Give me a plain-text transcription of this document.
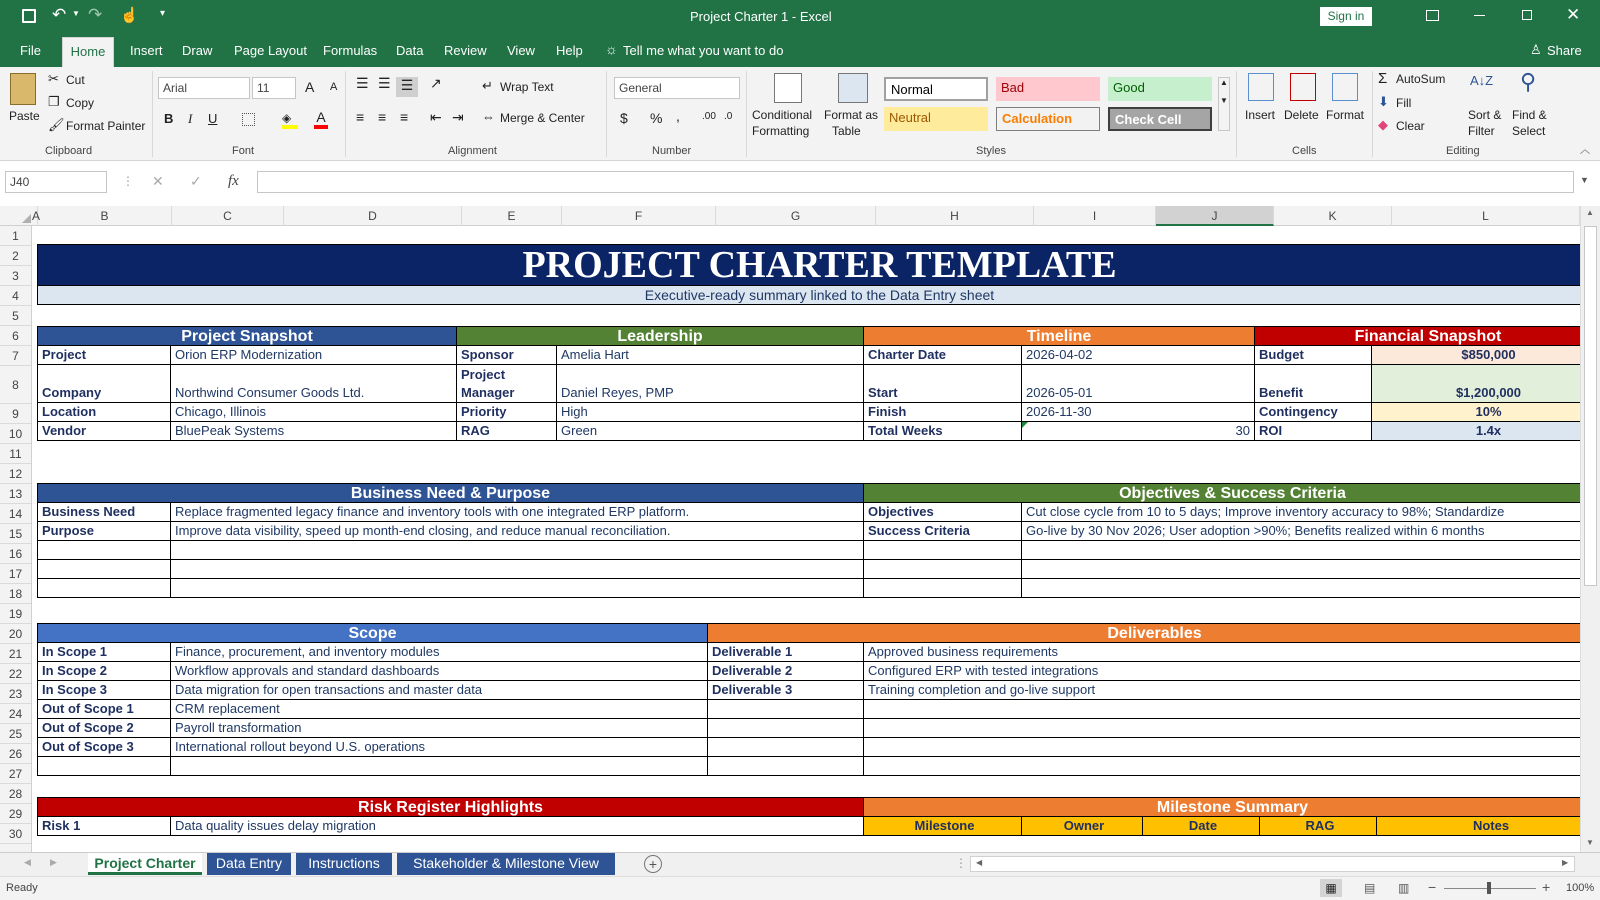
↶ ▼ ↷ ☝ ▾	Project Charter 1 - Excel	Sign in	✕
File	Insert Draw Page Layout Formulas Data Review View Help ☼ Tell me what you want to do	♙ Share
Home
Paste
✂ Cut
❐ Copy
🖌 Format Painter
Clipboard
Arial	11	A A
B I U	◈	A
Font
☰ ☰ ☰	↗
≡ ≡ ≡ ⇤ ⇥
↵ Wrap Text
⇔ Merge & Center
Alignment
General
$ % , .00 .0
Number
Conditional
Formatting
Format as
Table
Normal	Bad	Good
Neutral	Calculation	Check Cell
▲

▼
Styles
Insert Delete Format
Cells
Σ AutoSum
⬇ Fill
◆ Clear
A↓Z
Sort &
Filter
⚲
Find &
Select
Editing	︿
J40	⋮ ✕ ✓ fx	▼
A	B	C	D	E	F	G	H	I	J	K	L
1
2
3
4
5
6
7
8
9
10
11
12
13
14
15
16
17
18
19
20
21
22
23
24
25
26
27
28
29
30
PROJECT CHARTER TEMPLATE
Executive-ready summary linked to the Data Entry sheet
Project Snapshot	Leadership	Timeline	Financial Snapshot
Project	Orion ERP Modernization
Company	Northwind Consumer Goods Ltd.
Location	Chicago, Illinois
Vendor	BluePeak Systems
Sponsor	Amelia Hart
Project Manager	Daniel Reyes, PMP
Priority	High
RAG	Green
Charter Date	2026-04-02
Start	2026-05-01
Finish	2026-11-30
Total Weeks	30
Budget	$850,000
Benefit	$1,200,000
Contingency	10%
ROI	1.4x
Business Need & Purpose	Objectives & Success Criteria
Business Need	Replace fragmented legacy finance and inventory tools with one integrated ERP platform.
Purpose	Improve data visibility, speed up month-end closing, and reduce manual reconciliation.
Objectives	Cut close cycle from 10 to 5 days; Improve inventory accuracy to 98%; Standardize
Success Criteria	Go-live by 30 Nov 2026; User adoption >90%; Benefits realized within 6 months
Scope	Deliverables
In Scope 1	Finance, procurement, and inventory modules
In Scope 2	Workflow approvals and standard dashboards
In Scope 3	Data migration for open transactions and master data
Out of Scope 1	CRM replacement
Out of Scope 2	Payroll transformation
Out of Scope 3	International rollout beyond U.S. operations
Deliverable 1	Approved business requirements
Deliverable 2	Configured ERP with tested integrations
Deliverable 3	Training completion and go-live support
Risk Register Highlights	Milestone Summary
Risk 1	Data quality issues delay migration	Milestone	Owner	Date	RAG	Notes
▲
▼
◀ ▶	Project Charter	Data Entry	Instructions	Stakeholder & Milestone View	+	⋮ ◀	▶
Ready	▦	▤ ▥ −	+ 100%
